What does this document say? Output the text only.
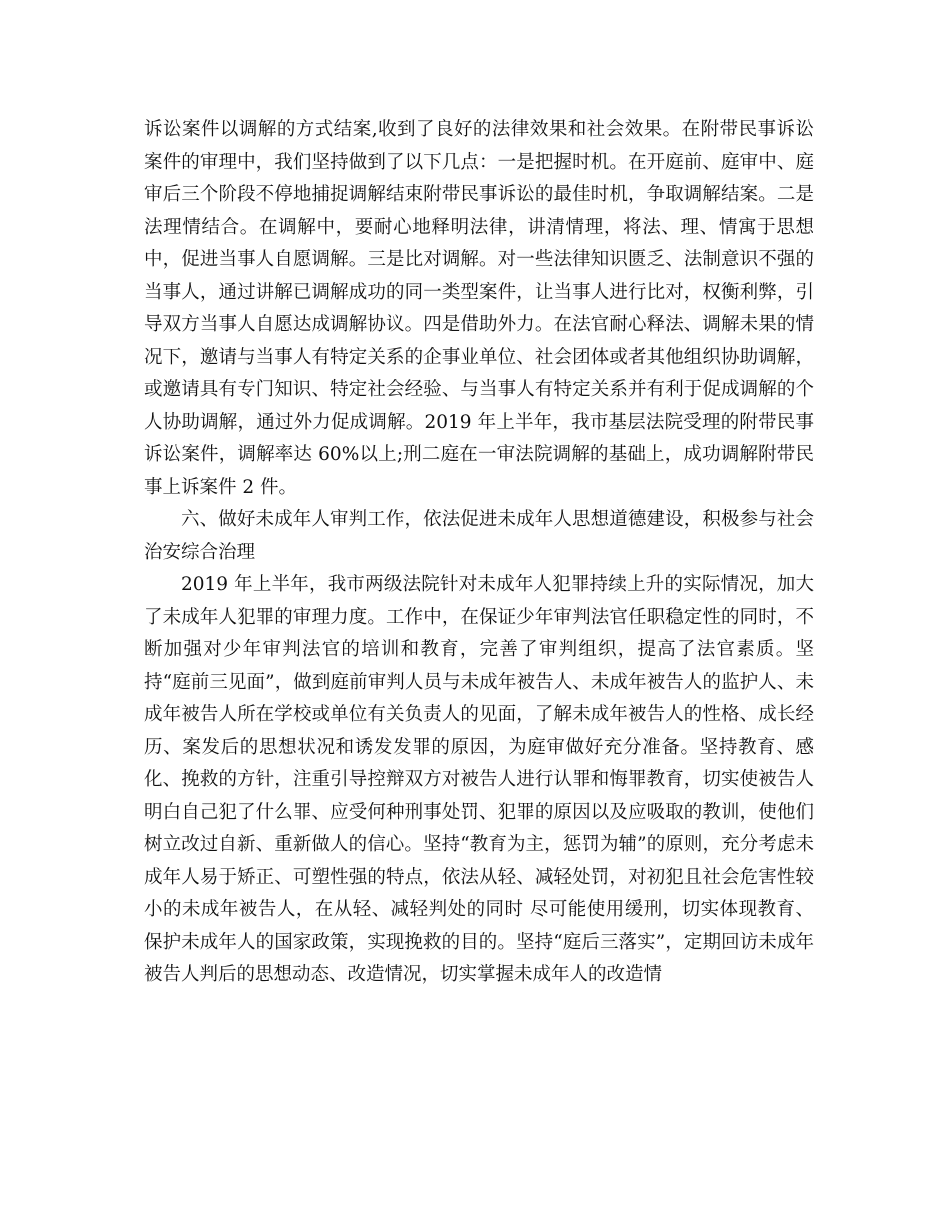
诉讼案件以调解的方式结案,收到了良好的法律效果和社会效果。在附带民事诉讼案件的审理中，我们坚持做到了以下几点：一是把握时机。在开庭前、庭审中、庭审后三个阶段不停地捕捉调解结束附带民事诉讼的最佳时机，争取调解结案。二是法理情结合。在调解中，要耐心地释明法律，讲清情理，将法、理、情寓于思想中，促进当事人自愿调解。三是比对调解。对一些法律知识匮乏、法制意识不强的当事人，通过讲解已调解成功的同一类型案件，让当事人进行比对，权衡利弊，引导双方当事人自愿达成调解协议。四是借助外力。在法官耐心释法、调解未果的情况下，邀请与当事人有特定关系的企事业单位、社会团体或者其他组织协助调解，或邀请具有专门知识、特定社会经验、与当事人有特定关系并有利于促成调解的个人协助调解，通过外力促成调解。2019 年上半年，我市基层法院受理的附带民事诉讼案件，调解率达 60%以上;刑二庭在一审法院调解的基础上，成功调解附带民事上诉案件 2 件。

六、做好未成年人审判工作，依法促进未成年人思想道德建设，积极参与社会治安综合治理

2019 年上半年，我市两级法院针对未成年人犯罪持续上升的实际情况，加大了未成年人犯罪的审理力度。工作中，在保证少年审判法官任职稳定性的同时，不断加强对少年审判法官的培训和教育，完善了审判组织，提高了法官素质。坚持“庭前三见面”，做到庭前审判人员与未成年被告人、未成年被告人的监护人、未成年被告人所在学校或单位有关负责人的见面，了解未成年被告人的性格、成长经历、案发后的思想状况和诱发发罪的原因，为庭审做好充分准备。坚持教育、感化、挽救的方针，注重引导控辩双方对被告人进行认罪和悔罪教育，切实使被告人明白自己犯了什么罪、应受何种刑事处罚、犯罪的原因以及应吸取的教训，使他们树立改过自新、重新做人的信心。坚持“教育为主，惩罚为辅”的原则，充分考虑未成年人易于矫正、可塑性强的特点，依法从轻、减轻处罚，对初犯且社会危害性较小的未成年被告人，在从轻、减轻判处的同时 尽可能使用缓刑，切实体现教育、保护未成年人的国家政策，实现挽救的目的。坚持“庭后三落实”，定期回访未成年被告人判后的思想动态、改造情况，切实掌握未成年人的改造情
